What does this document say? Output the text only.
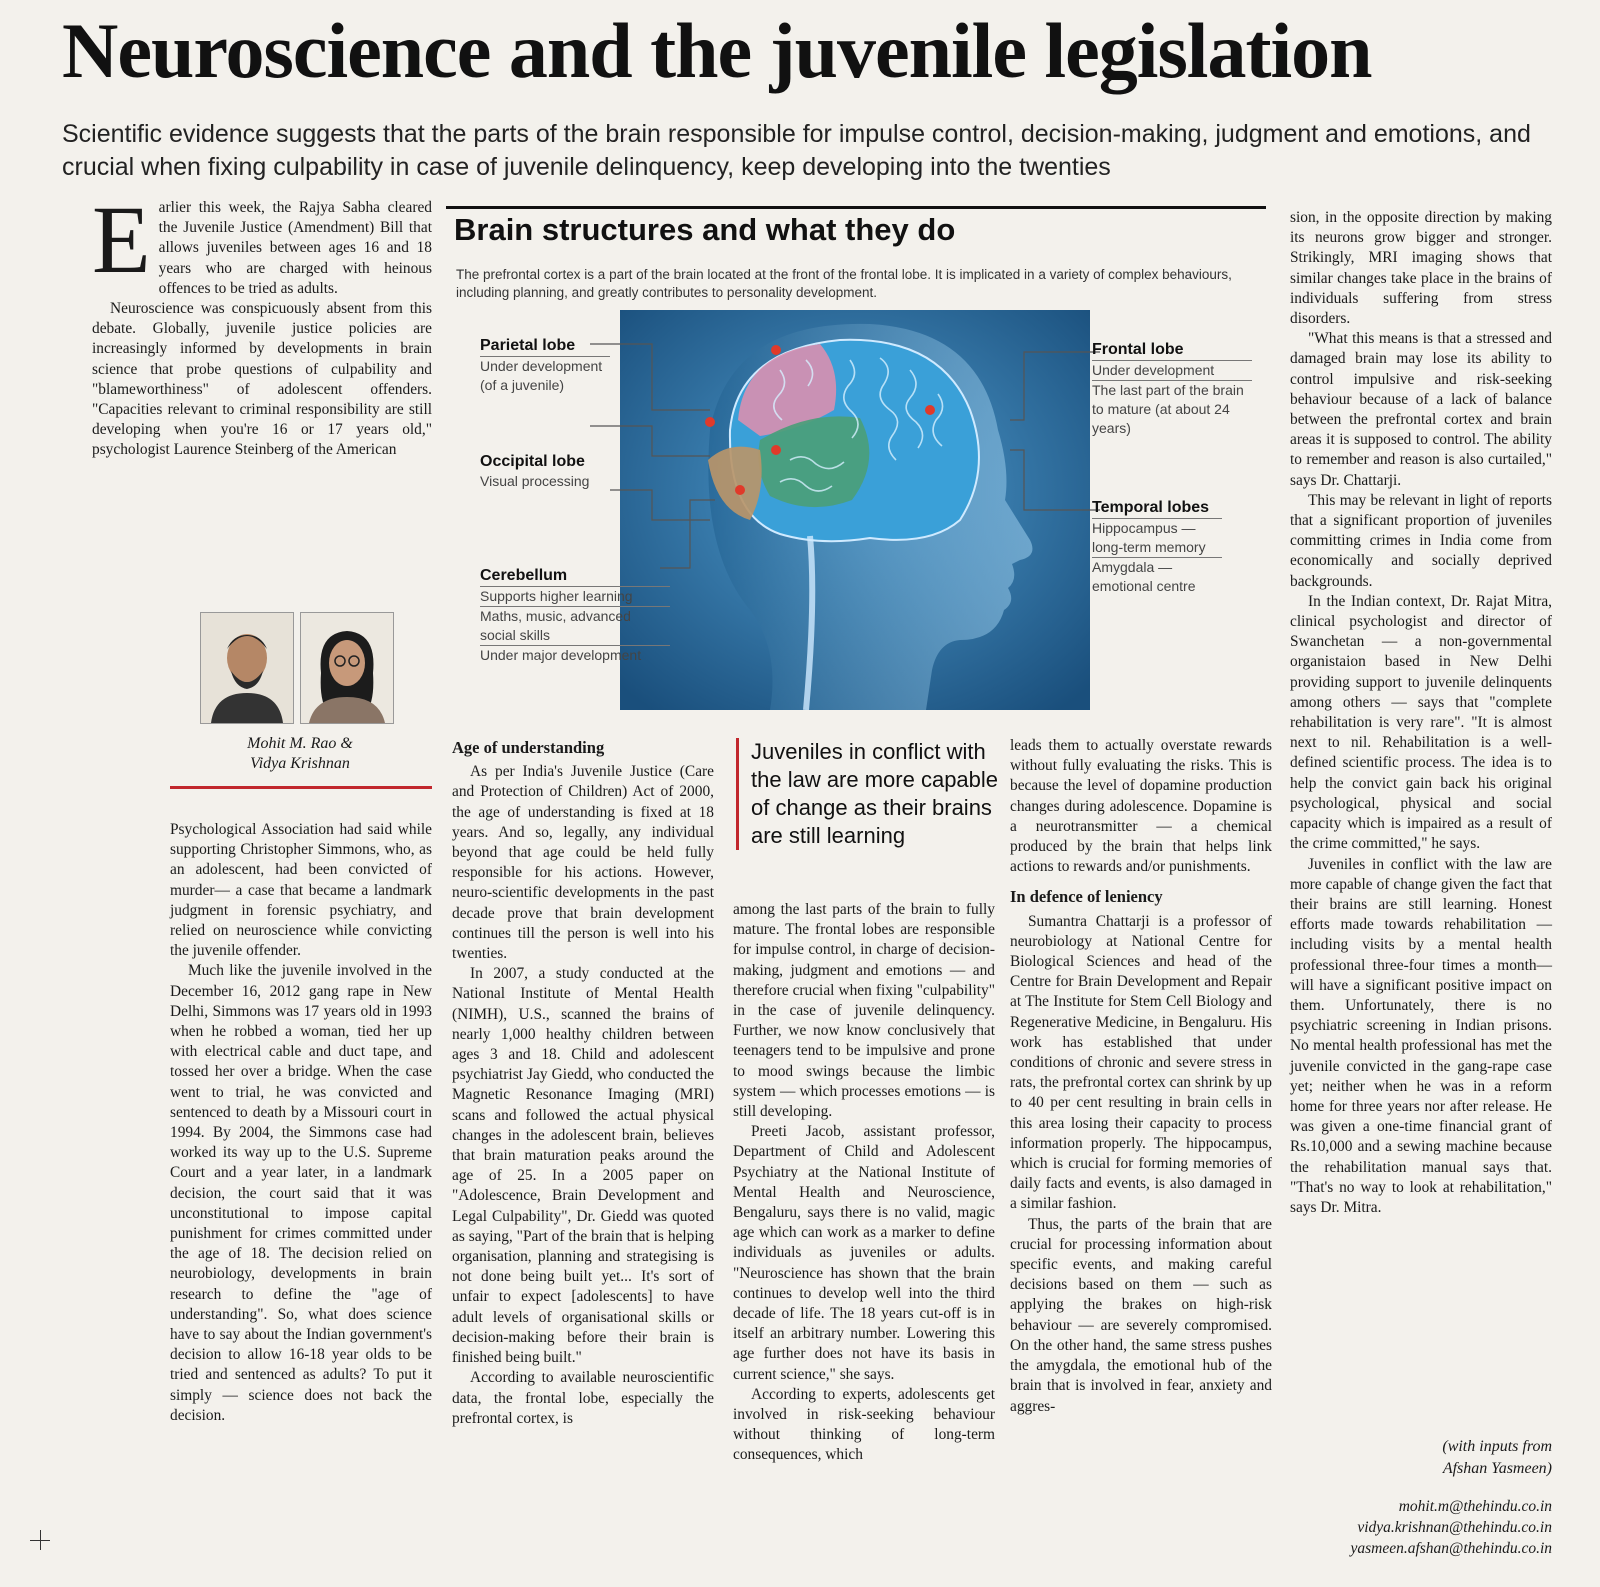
Neuroscience and the juvenile legislation
Scientific evidence suggests that the parts of the brain responsible for impulse control, decision-making, judgment and emotions, and crucial when fixing culpability in case of juvenile delinquency, keep developing into the twenties
E arlier this week, the Rajya Sabha cleared the Juvenile Justice (Amendment) Bill that allows juveniles between ages 16 and 18 years who are charged with heinous offences to be tried as adults.

Neuroscience was conspicuously absent from this debate. Globally, juvenile justice policies are increasingly informed by developments in brain science that probe questions of culpability and "blameworthiness" of adolescent offenders. "Capacities relevant to criminal responsibility are still developing when you're 16 or 17 years old," psychologist Laurence Steinberg of the American

Mohit M. Rao &
Vidya Krishnan

Psychological Association had said while supporting Christopher Simmons, who, as an adolescent, had been convicted of murder— a case that became a landmark judgment in forensic psychiatry, and relied on neuroscience while convicting the juvenile offender.

Much like the juvenile involved in the December 16, 2012 gang rape in New Delhi, Simmons was 17 years old in 1993 when he robbed a woman, tied her up with electrical cable and duct tape, and tossed her over a bridge. When the case went to trial, he was convicted and sentenced to death by a Missouri court in 1994. By 2004, the Simmons case had worked its way up to the U.S. Supreme Court and a year later, in a landmark decision, the court said that it was unconstitutional to impose capital punishment for crimes committed under the age of 18. The decision relied on neurobiology, developments in brain research to define the "age of understanding". So, what does science have to say about the Indian government's decision to allow 16-18 year olds to be tried and sentenced as adults? To put it simply — science does not back the decision.

Brain structures and what they do
The prefrontal cortex is a part of the brain located at the front of the frontal lobe. It is implicated in a variety of complex behaviours, including planning, and greatly contributes to personality development.
Parietal lobe
Under development (of a juvenile)
Occipital lobe
Visual processing
Cerebellum
Supports higher learning
Maths, music, advanced social skills
Under major development
Frontal lobe
Under development
The last part of the brain to mature (at about 24 years)
Temporal lobes
Hippocampus — long-term memory
Amygdala — emotional centre
Age of understanding

As per India's Juvenile Justice (Care and Protection of Children) Act of 2000, the age of understanding is fixed at 18 years. And so, legally, any individual beyond that age could be held fully responsible for his actions. However, neuro-scientific developments in the past decade prove that brain development continues till the person is well into his twenties.

In 2007, a study conducted at the National Institute of Mental Health (NIMH), U.S., scanned the brains of nearly 1,000 healthy children between ages 3 and 18. Child and adolescent psychiatrist Jay Giedd, who conducted the Magnetic Resonance Imaging (MRI) scans and followed the actual physical changes in the adolescent brain, believes that brain maturation peaks around the age of 25. In a 2005 paper on "Adolescence, Brain Development and Legal Culpability", Dr. Giedd was quoted as saying, "Part of the brain that is helping organisation, planning and strategising is not done being built yet... It's sort of unfair to expect [adolescents] to have adult levels of organisational skills or decision-making before their brain is finished being built."

According to available neuroscientific data, the frontal lobe, especially the prefrontal cortex, is

Juveniles in conflict with the law are more capable of change as their brains are still learning

among the last parts of the brain to fully mature. The frontal lobes are responsible for impulse control, in charge of decision-making, judgment and emotions — and therefore crucial when fixing "culpability" in the case of juvenile delinquency. Further, we now know conclusively that teenagers tend to be impulsive and prone to mood swings because the limbic system — which processes emotions — is still developing.

Preeti Jacob, assistant professor, Department of Child and Adolescent Psychiatry at the National Institute of Mental Health and Neuroscience, Bengaluru, says there is no valid, magic age which can work as a marker to define individuals as juveniles or adults. "Neuroscience has shown that the brain continues to develop well into the third decade of life. The 18 years cut-off is in itself an arbitrary number. Lowering this age further does not have its basis in current science," she says.

According to experts, adolescents get involved in risk-seeking behaviour without thinking of long-term consequences, which

leads them to actually overstate rewards without fully evaluating the risks. This is because the level of dopamine production changes during adolescence. Dopamine is a neurotransmitter — a chemical produced by the brain that helps link actions to rewards and/or punishments.

In defence of leniency

Sumantra Chattarji is a professor of neurobiology at National Centre for Biological Sciences and head of the Centre for Brain Development and Repair at The Institute for Stem Cell Biology and Regenerative Medicine, in Bengaluru. His work has established that under conditions of chronic and severe stress in rats, the prefrontal cortex can shrink by up to 40 per cent resulting in brain cells in this area losing their capacity to process information properly. The hippocampus, which is crucial for forming memories of daily facts and events, is also damaged in a similar fashion.

Thus, the parts of the brain that are crucial for processing information about specific events, and making careful decisions based on them — such as applying the brakes on high-risk behaviour — are severely compromised. On the other hand, the same stress pushes the amygdala, the emotional hub of the brain that is involved in fear, anxiety and aggres-

sion, in the opposite direction by making its neurons grow bigger and stronger. Strikingly, MRI imaging shows that similar changes take place in the brains of individuals suffering from stress disorders.

"What this means is that a stressed and damaged brain may lose its ability to control impulsive and risk-seeking behaviour because of a lack of balance between the prefrontal cortex and brain areas it is supposed to control. The ability to remember and reason is also curtailed," says Dr. Chattarji.

This may be relevant in light of reports that a significant proportion of juveniles committing crimes in India come from economically and socially deprived backgrounds.

In the Indian context, Dr. Rajat Mitra, clinical psychologist and director of Swanchetan — a non-governmental organistaion based in New Delhi providing support to juvenile delinquents among others — says that "complete rehabilitation is very rare". "It is almost next to nil. Rehabilitation is a well-defined scientific process. The idea is to help the convict gain back his original psychological, physical and social capacity which is impaired as a result of the crime committed," he says.

Juveniles in conflict with the law are more capable of change given the fact that their brains are still learning. Honest efforts made towards rehabilitation — including visits by a mental health professional three-four times a month— will have a significant positive impact on them. Unfortunately, there is no psychiatric screening in Indian prisons. No mental health professional has met the juvenile convicted in the gang-rape case yet; neither when he was in a reform home for three years nor after release. He was given a one-time financial grant of Rs.10,000 and a sewing machine because the rehabilitation manual says that. "That's no way to look at rehabilitation," says Dr. Mitra.

(with inputs from
Afshan Yasmeen)
mohit.m@thehindu.co.in
vidya.krishnan@thehindu.co.in
yasmeen.afshan@thehindu.co.in
